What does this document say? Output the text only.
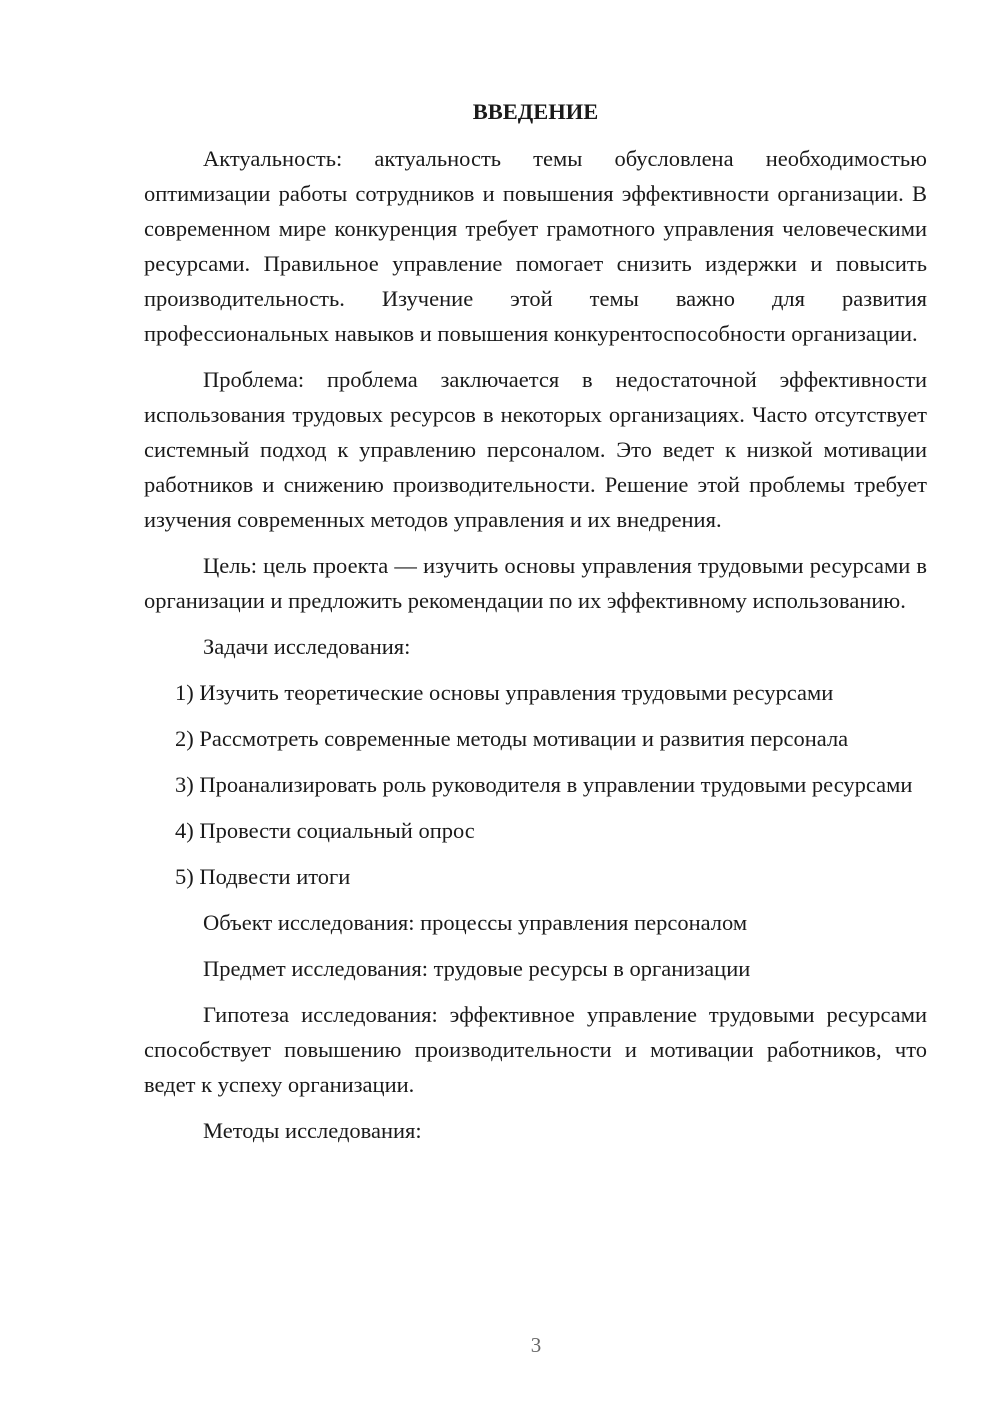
ВВЕДЕНИЕ

Актуальность: актуальность темы обусловлена необходимостью оптимизации работы сотрудников и повышения эффективности организации. В современном мире конкуренция требует грамотного управления человеческими ресурсами. Правильное управление помогает снизить издержки и повысить производительность. Изучение этой темы важно для развития профессиональных навыков и повышения конкурентоспособности организации.

Проблема: проблема заключается в недостаточной эффективности использования трудовых ресурсов в некоторых организациях. Часто отсутствует системный подход к управлению персоналом. Это ведет к низкой мотивации работников и снижению производительности. Решение этой проблемы требует изучения современных методов управления и их внедрения.

Цель: цель проекта — изучить основы управления трудовыми ресурсами в организации и предложить рекомендации по их эффективному использованию.

Задачи исследования:

1) Изучить теоретические основы управления трудовыми ресурсами

2) Рассмотреть современные методы мотивации и развития персонала

3) Проанализировать роль руководителя в управлении трудовыми ресурсами

4) Провести социальный опрос

5) Подвести итоги

Объект исследования: процессы управления персоналом

Предмет исследования: трудовые ресурсы в организации

Гипотеза исследования: эффективное управление трудовыми ресурсами способствует повышению производительности и мотивации работников, что ведет к успеху организации.

Методы исследования:

3
